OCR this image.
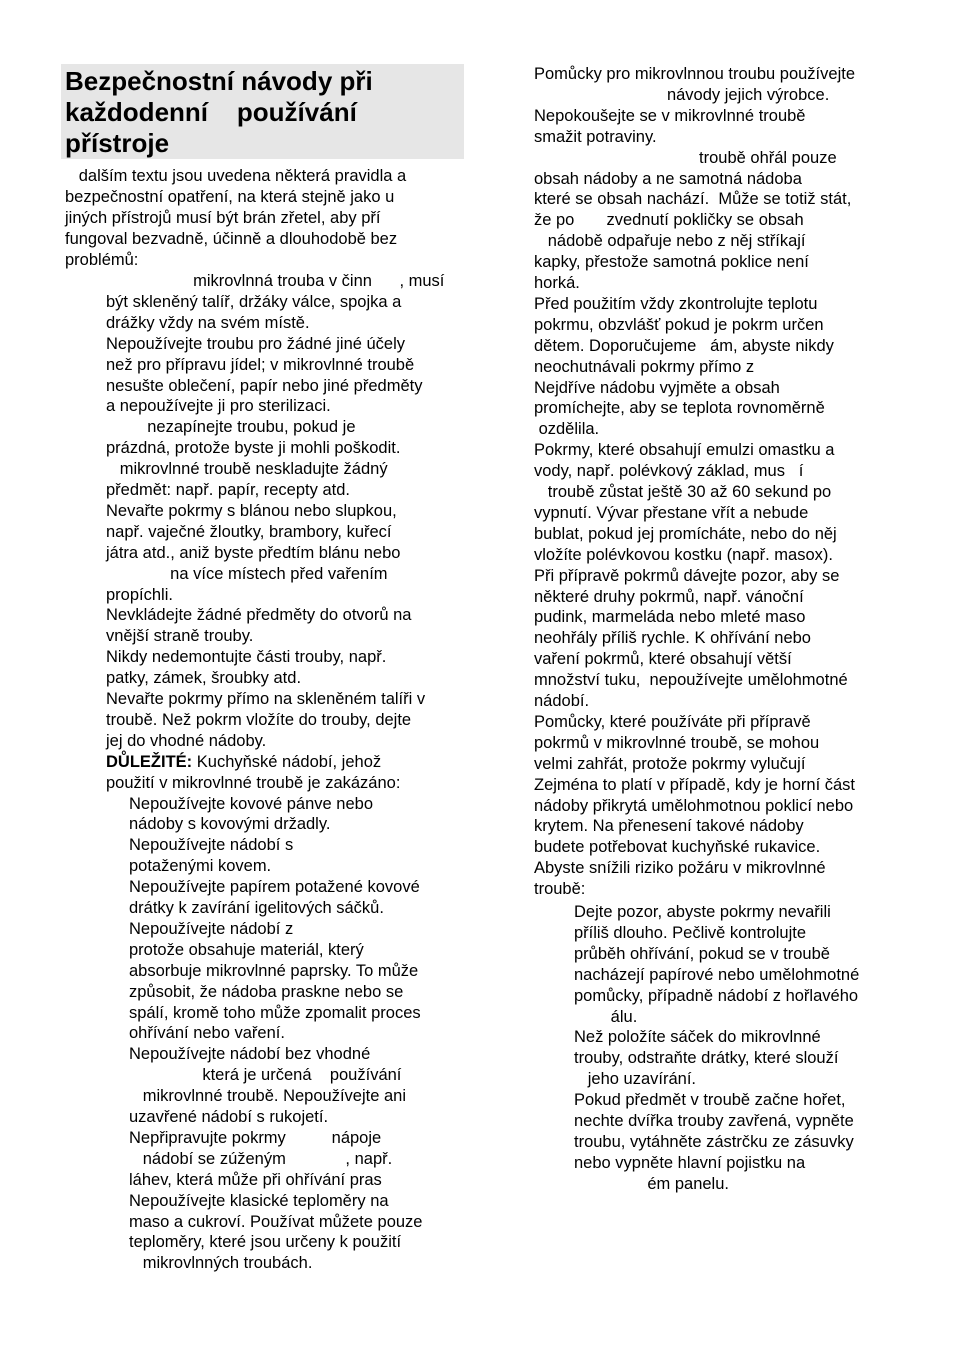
Bezpečnostní návody při
každodenní    používání
přístroje
dalším textu jsou uvedena některá pravidla a
bezpečnostní opatření, na která stejně jako u
jiných přístrojů musí být brán zřetel, aby pří
fungoval bezvadně, účinně a dlouhodobě bez
problémů:
mikrovlnná trouba v činn      , musí
být skleněný talíř, držáky válce, spojka a
drážky vždy na svém místě.
Nepoužívejte troubu pro žádné jiné účely
než pro přípravu jídel; v mikrovlnné troubě
nesušte oblečení, papír nebo jiné předměty
a nepoužívejte ji pro sterilizaci.
nezapínejte troubu, pokud je
prázdná, protože byste ji mohli poškodit.
mikrovlnné troubě neskladujte žádný
předmět: např. papír, recepty atd.
Nevařte pokrmy s blánou nebo slupkou,
např. vaječné žloutky, brambory, kuřecí
játra atd., aniž byste předtím blánu nebo
na více místech před vařením
propíchli.
Nevkládejte žádné předměty do otvorů na
vnější straně trouby.
Nikdy nedemontujte části trouby, např.
patky, zámek, šroubky atd.
Nevařte pokrmy přímo na skleněném talíři v
troubě. Než pokrm vložíte do trouby, dejte
jej do vhodné nádoby.
DŮLEŽITÉ: Kuchyňské nádobí, jehož
použití v mikrovlnné troubě je zakázáno:
Nepoužívejte kovové pánve nebo
nádoby s kovovými držadly.
Nepoužívejte nádobí s
potaženými kovem.
Nepoužívejte papírem potažené kovové
drátky k zavírání igelitových sáčků.
Nepoužívejte nádobí z
protože obsahuje materiál, který
absorbuje mikrovlnné paprsky. To může
způsobit, že nádoba praskne nebo se
spálí, kromě toho může zpomalit proces
ohřívání nebo vaření.
Nepoužívejte nádobí bez vhodné
která je určená    používání
mikrovlnné troubě. Nepoužívejte ani
uzavřené nádobí s rukojetí.
Nepřipravujte pokrmy          nápoje
nádobí se zúženým             , např.
láhev, která může při ohřívání pras
Nepoužívejte klasické teploměry na
maso a cukroví. Používat můžete pouze
teploměry, které jsou určeny k použití
mikrovlnných troubách.
Pomůcky pro mikrovlnnou troubu používejte
návody jejich výrobce.
Nepokoušejte se v mikrovlnné troubě
smažit potraviny.
troubě ohřál pouze
obsah nádoby a ne samotná nádoba
které se obsah nachází.  Může se totiž stát,
že po       zvednutí pokličky se obsah
nádobě odpařuje nebo z něj stříkají
kapky, přestože samotná poklice není
horká.
Před použitím vždy zkontrolujte teplotu
pokrmu, obzvlášť pokud je pokrm určen
dětem. Doporučujeme   ám, abyste nikdy
neochutnávali pokrmy přímo z
Nejdříve nádobu vyjměte a obsah
promíchejte, aby se teplota rovnoměrně
ozdělila.
Pokrmy, které obsahují emulzi omastku a
vody, např. polévkový základ, mus   í
troubě zůstat ještě 30 až 60 sekund po
vypnutí. Vývar přestane vřít a nebude
bublat, pokud jej promícháte, nebo do něj
vložíte polévkovou kostku (např. masox).
Při přípravě pokrmů dávejte pozor, aby se
některé druhy pokrmů, např. vánoční
pudink, marmeláda nebo mleté maso
neohřály příliš rychle. K ohřívání nebo
vaření pokrmů, které obsahují větší
množství tuku,  nepoužívejte umělohmotné
nádobí.
Pomůcky, které používáte při přípravě
pokrmů v mikrovlnné troubě, se mohou
velmi zahřát, protože pokrmy vylučují
Zejména to platí v případě, kdy je horní část
nádoby přikrytá umělohmotnou poklicí nebo
krytem. Na přenesení takové nádoby
budete potřebovat kuchyňské rukavice.
Abyste snížili riziko požáru v mikrovlnné
troubě:
Dejte pozor, abyste pokrmy nevařili
příliš dlouho. Pečlivě kontrolujte
průběh ohřívání, pokud se v troubě
nacházejí papírové nebo umělohmotné
pomůcky, případně nádobí z hořlavého
álu.
Než položíte sáček do mikrovlnné
trouby, odstraňte drátky, které slouží
jeho uzavírání.
Pokud předmět v troubě začne hořet,
nechte dvířka trouby zavřená, vypněte
troubu, vytáhněte zástrčku ze zásuvky
nebo vypněte hlavní pojistku na
ém panelu.
